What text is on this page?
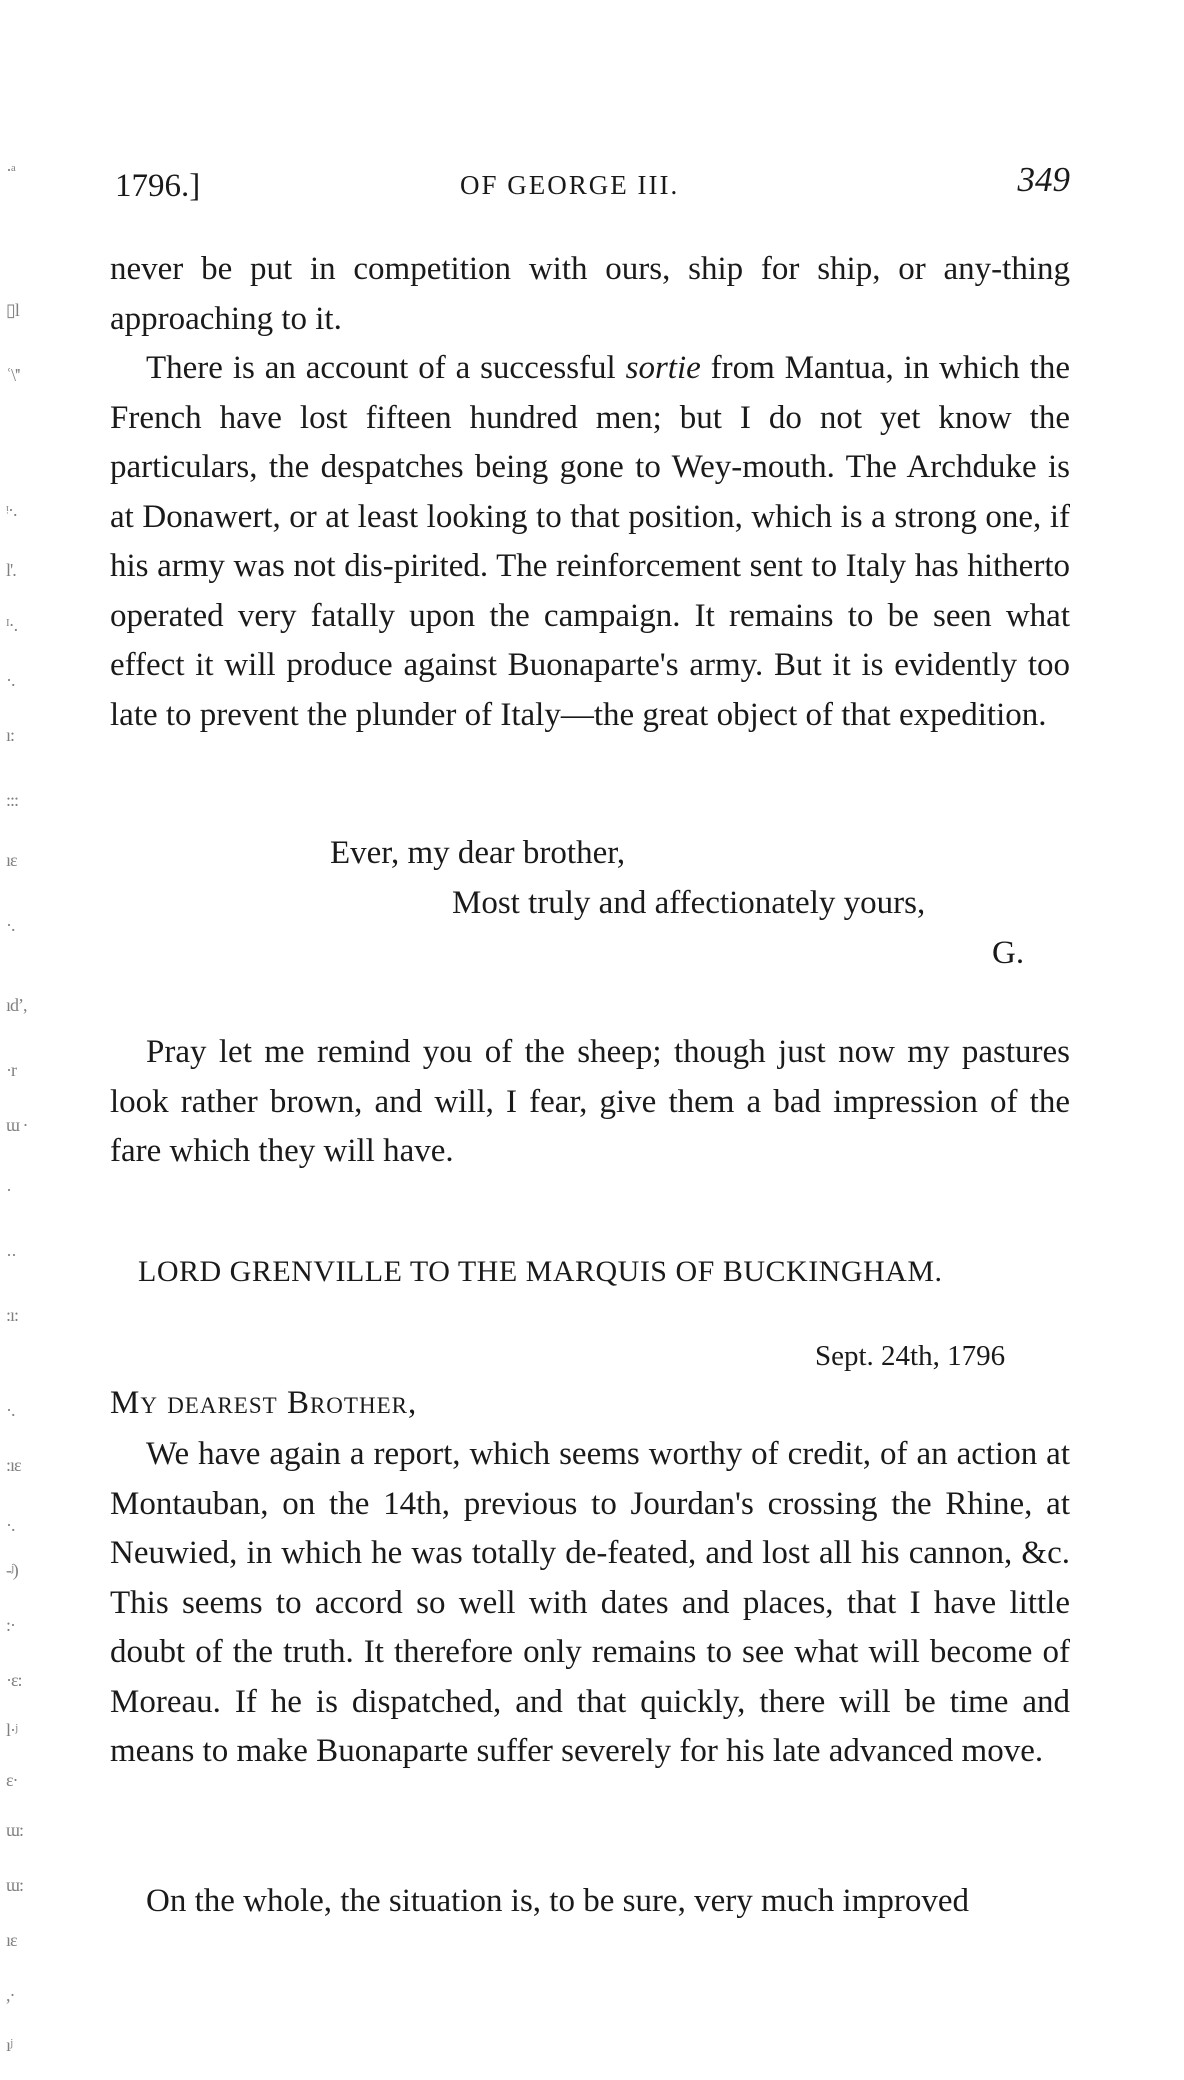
·ᵃ
▯l
ʿ\''
ᵎ·.
l'.
ᴵ·.
·.
ı:
:::
ıɛ
·.
ıdʼ,
·r
ɯ ·
·
··
:ı:
·.
:ıɛ
·.
-ʲ)
:·
·ɛ:
l·ʲ
ɛ·
ɯ:
ɯ:
ıɛ
,·
ıʲ
1796.]	OF GEORGE III.	349

never be put in competition with ours, ship for ship, or any-thing approaching to it.

There is an account of a successful sortie from Mantua, in which the French have lost fifteen hundred men; but I do not yet know the particulars, the despatches being gone to Wey-mouth. The Archduke is at Donawert, or at least looking to that position, which is a strong one, if his army was not dis-pirited. The reinforcement sent to Italy has hitherto operated very fatally upon the campaign. It remains to be seen what effect it will produce against Buonaparte's army. But it is evidently too late to prevent the plunder of Italy—the great object of that expedition.

Ever, my dear brother,
Most truly and affectionately yours,
G.

Pray let me remind you of the sheep; though just now my pastures look rather brown, and will, I fear, give them a bad impression of the fare which they will have.

LORD GRENVILLE TO THE MARQUIS OF BUCKINGHAM.
Sept. 24th, 1796
My dearest Brother,

We have again a report, which seems worthy of credit, of an action at Montauban, on the 14th, previous to Jourdan's crossing the Rhine, at Neuwied, in which he was totally de-feated, and lost all his cannon, &c. This seems to accord so well with dates and places, that I have little doubt of the truth. It therefore only remains to see what will become of Moreau. If he is dispatched, and that quickly, there will be time and means to make Buonaparte suffer severely for his late advanced move.

On the whole, the situation is, to be sure, very much improved
